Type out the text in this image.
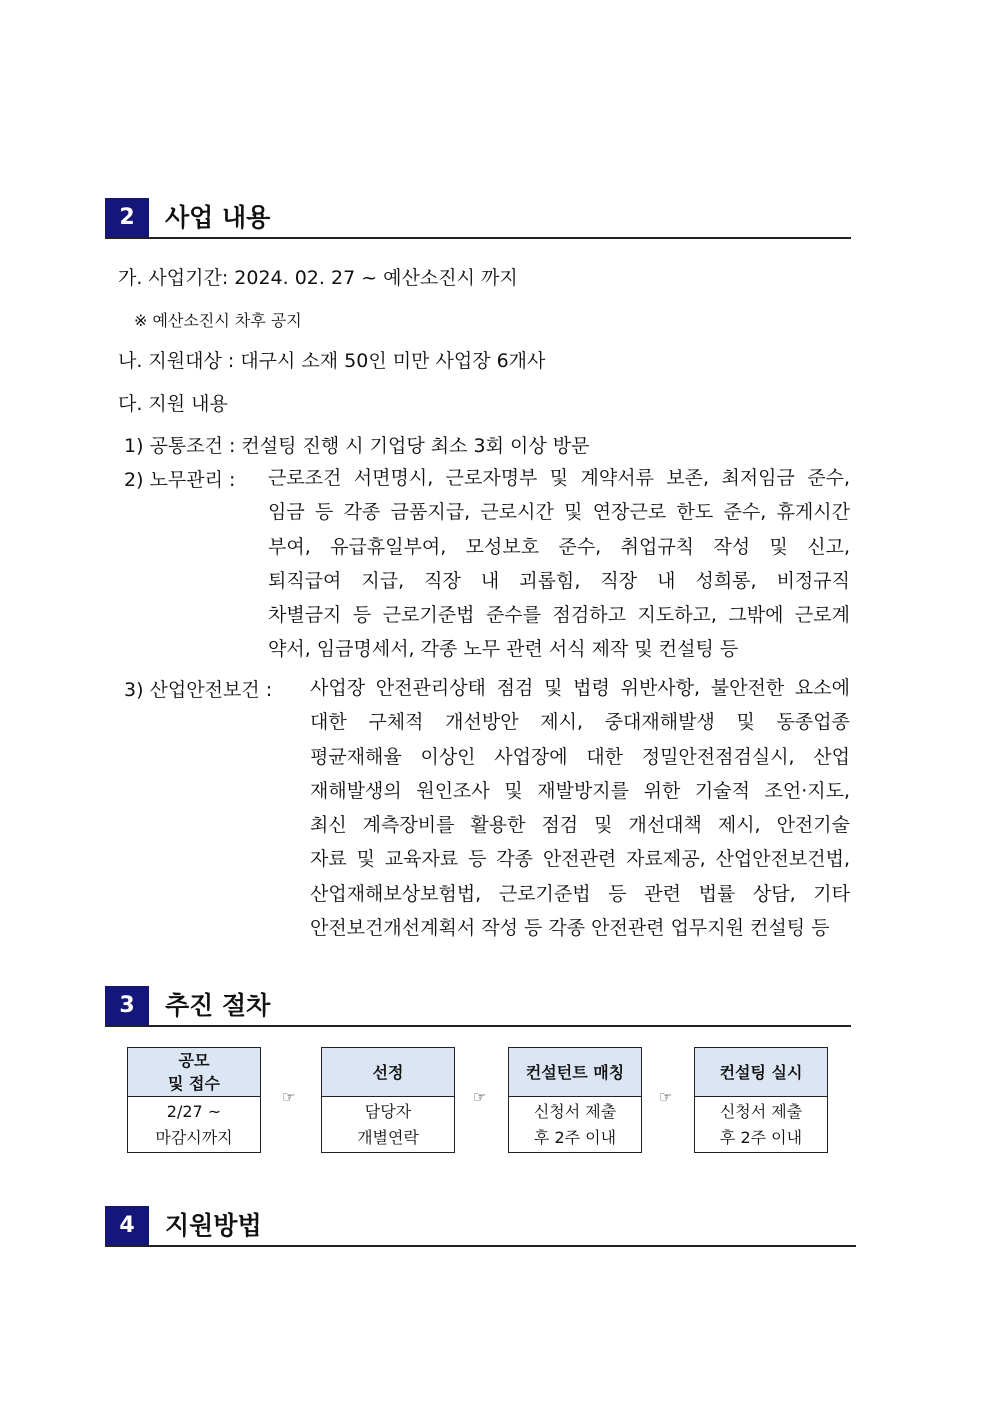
2	사업 내용
가. 사업기간: 2024. 02. 27 ~ 예산소진시 까지
※ 예산소진시 차후 공지
나. 지원대상 : 대구시 소재 50인 미만 사업장 6개사
다. 지원 내용
1) 공통조건 : 컨설팅 진행 시 기업당 최소 3회 이상 방문
2) 노무관리 : 근로조건 서면명시, 근로자명부 및 계약서류 보존, 최저임금 준수,
임금 등 각종 금품지급, 근로시간 및 연장근로 한도 준수, 휴게시간
부여, 유급휴일부여, 모성보호 준수, 취업규칙 작성 및 신고,
퇴직급여 지급, 직장 내 괴롭힘, 직장 내 성희롱, 비정규직
차별금지 등 근로기준법 준수를 점검하고 지도하고, 그밖에 근로계
약서, 임금명세서, 각종 노무 관련 서식 제작 및 컨설팅 등
3) 산업안전보건 : 사업장 안전관리상태 점검 및 법령 위반사항, 불안전한 요소에
대한 구체적 개선방안 제시, 중대재해발생 및 동종업종
평균재해율 이상인 사업장에 대한 정밀안전점검실시, 산업
재해발생의 원인조사 및 재발방지를 위한 기술적 조언·지도,
최신 계측장비를 활용한 점검 및 개선대책 제시, 안전기술
자료 및 교육자료 등 각종 안전관련 자료제공, 산업안전보건법,
산업재해보상보험법, 근로기준법 등 관련 법률 상담, 기타
안전보건개선계획서 작성 등 각종 안전관련 업무지원 컨설팅 등
3	추진 절차
공모
및 접수
2/27 ~
마감시까지
☞
선정
담당자
개별연락
☞
컨설턴트 매칭
신청서 제출
후 2주 이내
☞
컨설팅 실시
신청서 제출
후 2주 이내
4	지원방법
